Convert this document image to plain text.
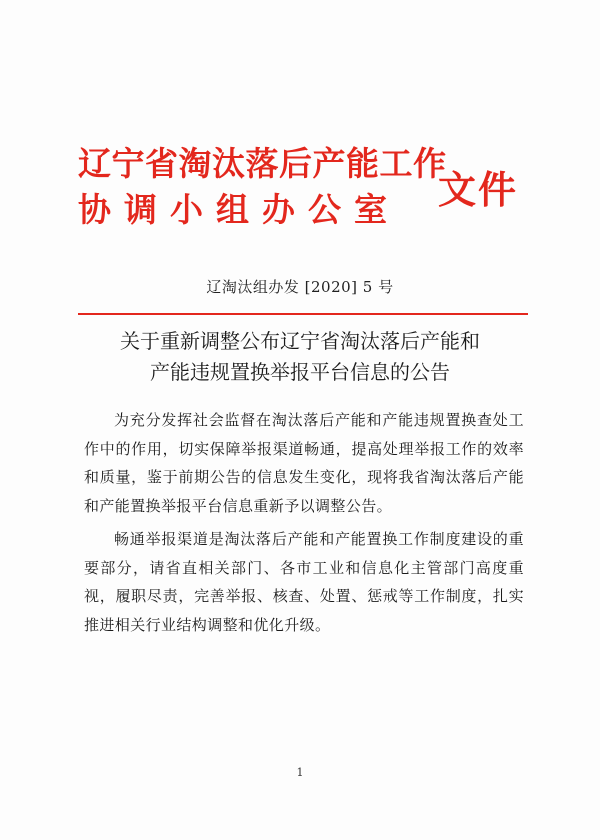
辽宁省淘汰落后产能工作
协调小组办公室 文件
辽淘汰组办发 [2020] 5 号
关于重新调整公布辽宁省淘汰落后产能和
产能违规置换举报平台信息的公告

为充分发挥社会监督在淘汰落后产能和产能违规置换查处工作中的作用，切实保障举报渠道畅通，提高处理举报工作的效率和质量，鉴于前期公告的信息发生变化，现将我省淘汰落后产能和产能置换举报平台信息重新予以调整公告。

畅通举报渠道是淘汰落后产能和产能置换工作制度建设的重要部分，请省直相关部门、各市工业和信息化主管部门高度重视，履职尽责，完善举报、核查、处置、惩戒等工作制度，扎实推进相关行业结构调整和优化升级。

1
